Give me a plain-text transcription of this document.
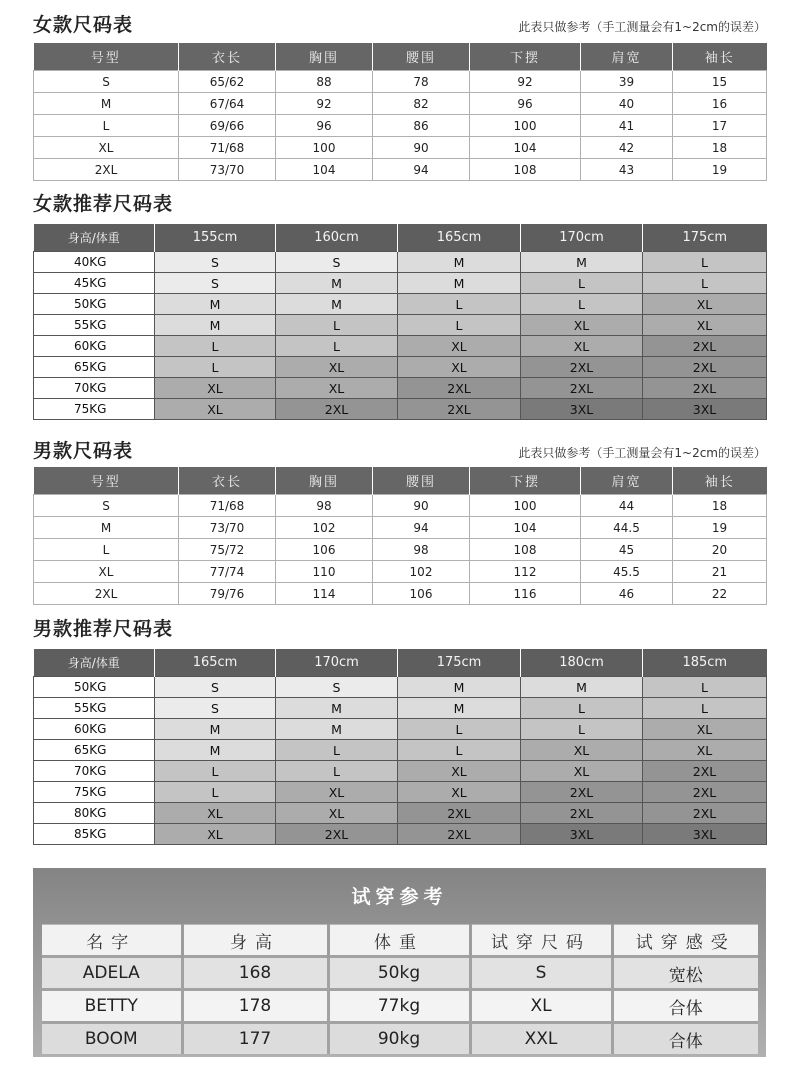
女款尺码表	此表只做参考（手工测量会有1~2cm的误差）
号型	衣长	胸围	腰围	下摆	肩宽	袖长
S	65/62	88	78	92	39	15
M	67/64	92	82	96	40	16
L	69/66	96	86	100	41	17
XL	71/68	100	90	104	42	18
2XL	73/70	104	94	108	43	19
女款推荐尺码表
身高/体重	155cm	160cm	165cm	170cm	175cm
40KG	S	S	M	M	L
45KG	S	M	M	L	L
50KG	M	M	L	L	XL
55KG	M	L	L	XL	XL
60KG	L	L	XL	XL	2XL
65KG	L	XL	XL	2XL	2XL
70KG	XL	XL	2XL	2XL	2XL
75KG	XL	2XL	2XL	3XL	3XL
男款尺码表	此表只做参考（手工测量会有1~2cm的误差）
号型	衣长	胸围	腰围	下摆	肩宽	袖长
S	71/68	98	90	100	44	18
M	73/70	102	94	104	44.5	19
L	75/72	106	98	108	45	20
XL	77/74	110	102	112	45.5	21
2XL	79/76	114	106	116	46	22
男款推荐尺码表
身高/体重	165cm	170cm	175cm	180cm	185cm
50KG	S	S	M	M	L
55KG	S	M	M	L	L
60KG	M	M	L	L	XL
65KG	M	L	L	XL	XL
70KG	L	L	XL	XL	2XL
75KG	L	XL	XL	2XL	2XL
80KG	XL	XL	2XL	2XL	2XL
85KG	XL	2XL	2XL	3XL	3XL
试穿参考
名字	身高	体重	试穿尺码	试穿感受
ADELA	168	50kg	S	宽松
BETTY	178	77kg	XL	合体
BOOM	177	90kg	XXL	合体
